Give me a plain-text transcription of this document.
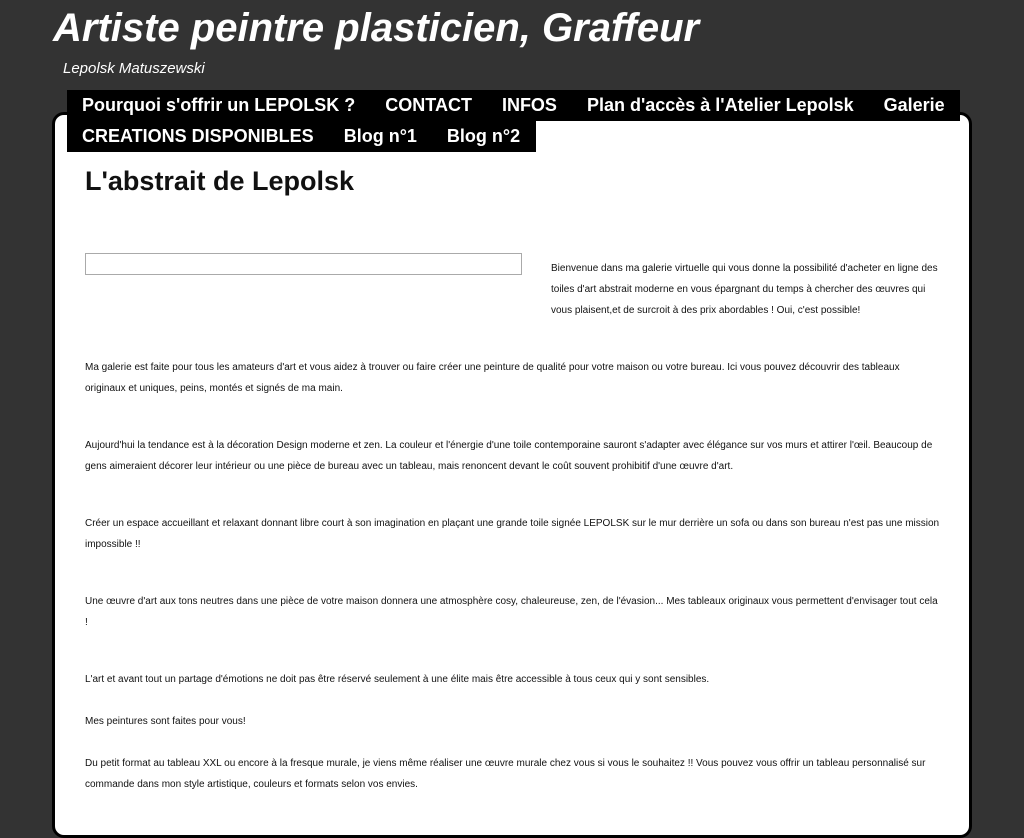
Artiste peintre plasticien, Graffeur
Lepolsk Matuszewski
Pourquoi s'offrir un LEPOLSK ?	CONTACT	INFOS	Plan d'accès à l'Atelier Lepolsk	Galerie
CREATIONS DISPONIBLES	Blog n°1	Blog n°2
L'abstrait de Lepolsk

Bienvenue dans ma galerie virtuelle qui vous donne la possibilité d'acheter en ligne des toiles d'art abstrait moderne en vous épargnant du temps à chercher des œuvres qui vous plaisent,et de surcroit à des prix abordables ! Oui, c'est possible!

Ma galerie est faite pour tous les amateurs d'art et vous aidez à trouver ou faire créer une peinture de qualité pour votre maison ou votre bureau. Ici vous pouvez découvrir des tableaux originaux et uniques, peins, montés et signés de ma main.

Aujourd'hui la tendance est à la décoration Design moderne et zen. La couleur et l'énergie d'une toile contemporaine sauront s'adapter avec élégance sur vos murs et attirer l'œil. Beaucoup de gens aimeraient décorer leur intérieur ou une pièce de bureau avec un tableau, mais renoncent devant le coût souvent prohibitif d'une œuvre d'art.

Créer un espace accueillant et relaxant donnant libre court à son imagination en plaçant une grande toile signée LEPOLSK sur le mur derrière un sofa ou dans son bureau n'est pas une mission impossible !!

Une œuvre d'art aux tons neutres dans une pièce de votre maison donnera une atmosphère cosy, chaleureuse, zen, de l'évasion... Mes tableaux originaux vous permettent d'envisager tout cela !

L'art et avant tout un partage d'émotions ne doit pas être réservé seulement à une élite mais être accessible à tous ceux qui y sont sensibles.

Mes peintures sont faites pour vous!

Du petit format au tableau XXL ou encore à la fresque murale, je viens même réaliser une œuvre murale chez vous si vous le souhaitez !! Vous pouvez vous offrir un tableau personnalisé sur commande dans mon style artistique, couleurs et formats selon vos envies.
